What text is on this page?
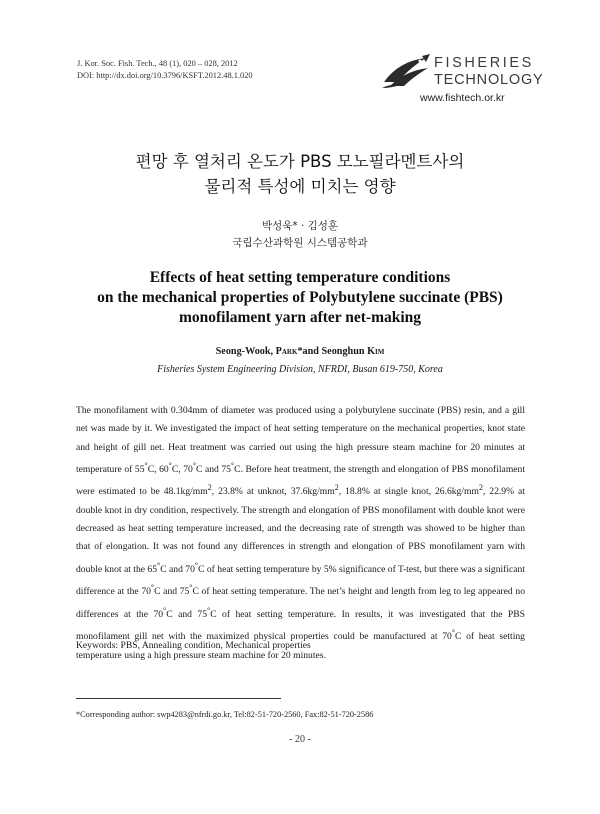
J. Kor. Soc. Fish. Tech., 48 (1), 020 – 028, 2012
DOI: http://dx.doi.org/10.3796/KSFT.2012.48.1.020
FISHERIES
TECHNOLOGY
www.fishtech.or.kr
편망 후 열처리 온도가 PBS 모노필라멘트사의
물리적 특성에 미치는 영향
박성욱* · 김성훈
국립수산과학원 시스템공학과
Effects of heat setting temperature conditions
on the mechanical properties of Polybutylene succinate (PBS)
monofilament yarn after net-making
Seong-Wook, Park*and Seonghun Kim
Fisheries System Engineering Division, NFRDI, Busan 619-750, Korea

The monofilament with 0.304mm of diameter was produced using a polybutylene succinate (PBS) resin, and a gill net was made by it. We investigated the impact of heat setting temperature on the mechanical properties, knot state and height of gill net. Heat treatment was carried out using the high pressure steam machine for 20 minutes at temperature of 55°C, 60°C, 70°C and 75°C. Before heat treatment, the strength and elongation of PBS monofilament were estimated to be $48.1kg/mm^2$, 23.8% at unknot, $37.6kg/mm^2$, 18.8% at single knot, $26.6kg/mm^2$, 22.9% at double knot in dry condition, respectively. The strength and elongation of PBS monofilament with double knot were decreased as heat setting temperature increased, and the decreasing rate of strength was showed to be higher than that of elongation. It was not found any differences in strength and elongation of PBS monofilament yarn with double knot at the 65°C and 70°C of heat setting temperature by 5% significance of T-test, but there was a significant difference at the 70°C and 75°C of heat setting temperature. The net’s height and length from leg to leg appeared no differences at the 70°C and 75°C of heat setting temperature. In results, it was investigated that the PBS monofilament gill net with the maximized physical properties could be manufactured at 70°C of heat setting temperature using a high pressure steam machine for 20 minutes.

Keywords: PBS, Annealing condition, Mechanical properties
*Corresponding author: swp4283@nfrdi.go.kr, Tel:82-51-720-2560, Fax:82-51-720-2586
- 20 -
